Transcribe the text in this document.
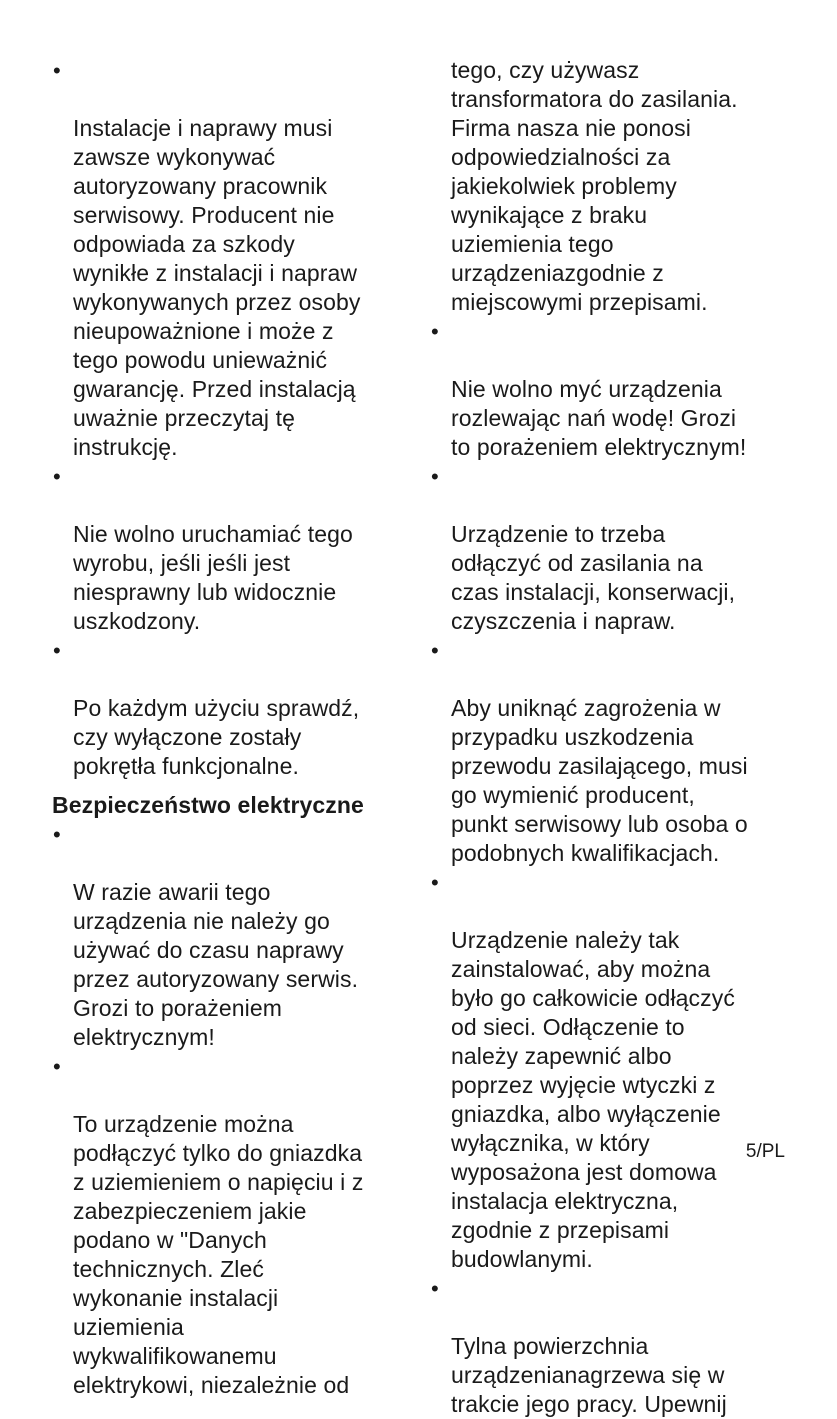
•

Instalacje i naprawy musi
zawsze wykonywać
autoryzowany pracownik
serwisowy. Producent nie
odpowiada za szkody
wynikłe z instalacji i napraw
wykonywanych przez osoby
nieupoważnione i może z
tego powodu unieważnić
gwarancję. Przed instalacją
uważnie przeczytaj tę
instrukcję.

•

Nie wolno uruchamiać tego
wyrobu, jeśli jeśli jest
niesprawny lub widocznie
uszkodzony.

•

Po każdym użyciu sprawdź,
czy wyłączone zostały
pokrętła funkcjonalne.

Bezpieczeństwo elektryczne

•

W razie awarii tego
urządzenia nie należy go
używać do czasu naprawy
przez autoryzowany serwis.
Grozi to porażeniem
elektrycznym!

•

To urządzenie można
podłączyć tylko do gniazdka
z uziemieniem o napięciu i z
zabezpieczeniem jakie
podano w "Danych
technicznych. Zleć
wykonanie instalacji
uziemienia
wykwalifikowanemu
elektrykowi, niezależnie od

tego, czy używasz
transformatora do zasilania.
Firma nasza nie ponosi
odpowiedzialności za
jakiekolwiek problemy
wynikające z braku
uziemienia tego
urządzeniazgodnie z
miejscowymi przepisami.

•

Nie wolno myć urządzenia
rozlewając nań wodę! Grozi
to porażeniem elektrycznym!

•

Urządzenie to trzeba
odłączyć od zasilania na
czas instalacji, konserwacji,
czyszczenia i napraw.

•

Aby uniknąć zagrożenia w
przypadku uszkodzenia
przewodu zasilającego, musi
go wymienić producent,
punkt serwisowy lub osoba o
podobnych kwalifikacjach.

•

Urządzenie należy tak
zainstalować, aby można
było go całkowicie odłączyć
od sieci. Odłączenie to
należy zapewnić albo
poprzez wyjęcie wtyczki z
gniazdka, albo wyłączenie
wyłącznika, w który
wyposażona jest domowa
instalacja elektryczna,
zgodnie z przepisami
budowlanymi.

•

Tylna powierzchnia
urządzenianagrzewa się w
trakcie jego pracy. Upewnij

5/PL
